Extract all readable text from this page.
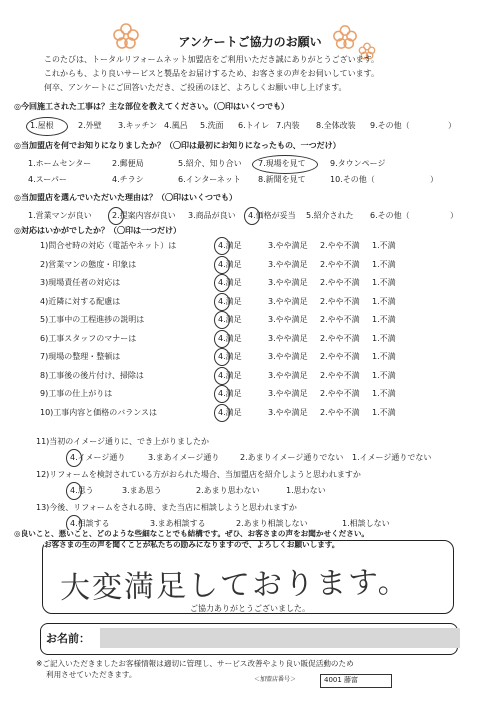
アンケートご協力のお願い
このたびは、トータルリフォームネット加盟店をご利用いただき誠にありがとうございます。
これからも、より良いサービスと製品をお届けするため、お客さまの声をお伺いしています。
何卒、アンケートにご回答いただき、ご投函のほど、よろしくお願い申し上げます。
◎今回施工された工事は？主な部位を教えてください。（〇印はいくつでも）
1.屋根	2.外壁 3.キッチン 4.風呂 5.洗面 6.トイレ 7.内装 8.全体改装 9.その他（	）
◎当加盟店を何でお知りになりましたか？（〇印は最初にお知りになったもの、一つだけ）
1.ホームセンター	2.郵便局	5.紹介、知り合い 7.現場を見て	9.タウンページ
4.スーパー	4.チラシ	6.インターネット 8.新聞を見て	10.その他（	）
◎当加盟店を選んでいただいた理由は？（〇印はいくつでも）
1.営業マンが良い	2.提案内容が良い 3.商品が良い 4.価格が妥当 5.紹介された 6.その他（	）
◎対応はいかがでしたか？（〇印は一つだけ）
1)問合せ時の対応（電話やネット）は	4.満足	3.やや満足 2.やや不満 1.不満
2)営業マンの態度・印象は	4.満足	3.やや満足 2.やや不満 1.不満
3)現場責任者の対応は	4.満足	3.やや満足 2.やや不満 1.不満
4)近隣に対する配慮は	4.満足	3.やや満足 2.やや不満 1.不満
5)工事中の工程進捗の説明は	4.満足	3.やや満足 2.やや不満 1.不満
6)工事スタッフのマナーは	4.満足	3.やや満足 2.やや不満 1.不満
7)現場の整理・整頓は	4.満足	3.やや満足 2.やや不満 1.不満
8)工事後の後片付け、掃除は	4.満足	3.やや満足 2.やや不満 1.不満
9)工事の仕上がりは	4.満足	3.やや満足 2.やや不満 1.不満
10)工事内容と価格のバランスは	4.満足	3.やや満足 2.やや不満 1.不満
11)当初のイメージ通りに、でき上がりましたか
4.イメージ通り	3.まあイメージ通り	2.あまりイメージ通りでない 1.イメージ通りでない
12)リフォームを検討されている方がおられた場合、当加盟店を紹介しようと思われますか
4.思う	3.まあ思う	2.あまり思わない	1.思わない
13)今後、リフォームをされる時、また当店に相談しようと思われますか
4.相談する	3.まあ相談する	2.あまり相談しない	1.相談しない
◎良いこと、悪いこと、どのような些細なことでも結構です。ぜひ、お客さまの声をお聞かせください。
お客さまの生の声を聞くことが私たちの励みになりますので、よろしくお願いします。
大変満足しております。
ご協力ありがとうございました。
お名前：
※ご記入いただきましたお客様情報は適切に管理し、サービス改善やより良い販促活動のため
利用させていただきます。
＜加盟店番号＞	4001 藤富
